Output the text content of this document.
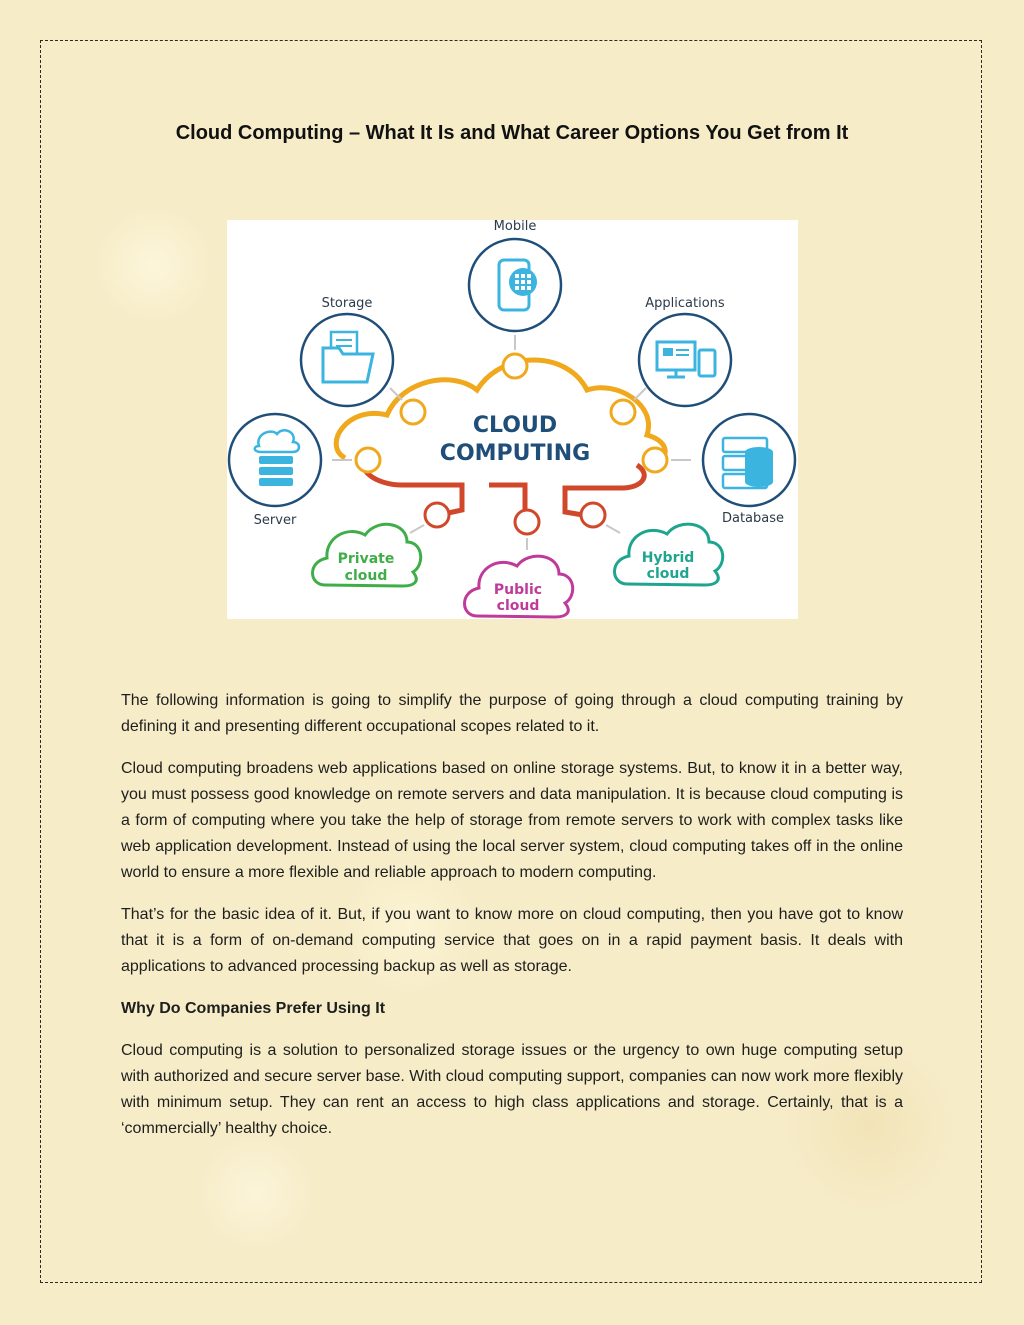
Cloud Computing – What It Is and What Career Options You Get from It
CLOUD
COMPUTING
Mobile
Storage	Applications
Server	Database
Private
cloud
Public
cloud
Hybrid
cloud

The following information is going to simplify the purpose of going through a cloud computing training by defining it and presenting different occupational scopes related to it.

Cloud computing broadens web applications based on online storage systems. But, to know it in a better way, you must possess good knowledge on remote servers and data manipulation. It is because cloud computing is a form of computing where you take the help of storage from remote servers to work with complex tasks like web application development. Instead of using the local server system, cloud computing takes off in the online world to ensure a more flexible and reliable approach to modern computing.

That’s for the basic idea of it. But, if you want to know more on cloud computing, then you have got to know that it is a form of on-demand computing service that goes on in a rapid payment basis. It deals with applications to advanced processing backup as well as storage.

Why Do Companies Prefer Using It

Cloud computing is a solution to personalized storage issues or the urgency to own huge computing setup with authorized and secure server base. With cloud computing support, companies can now work more flexibly with minimum setup. They can rent an access to high class applications and storage. Certainly, that is a ‘commercially’ healthy choice.
